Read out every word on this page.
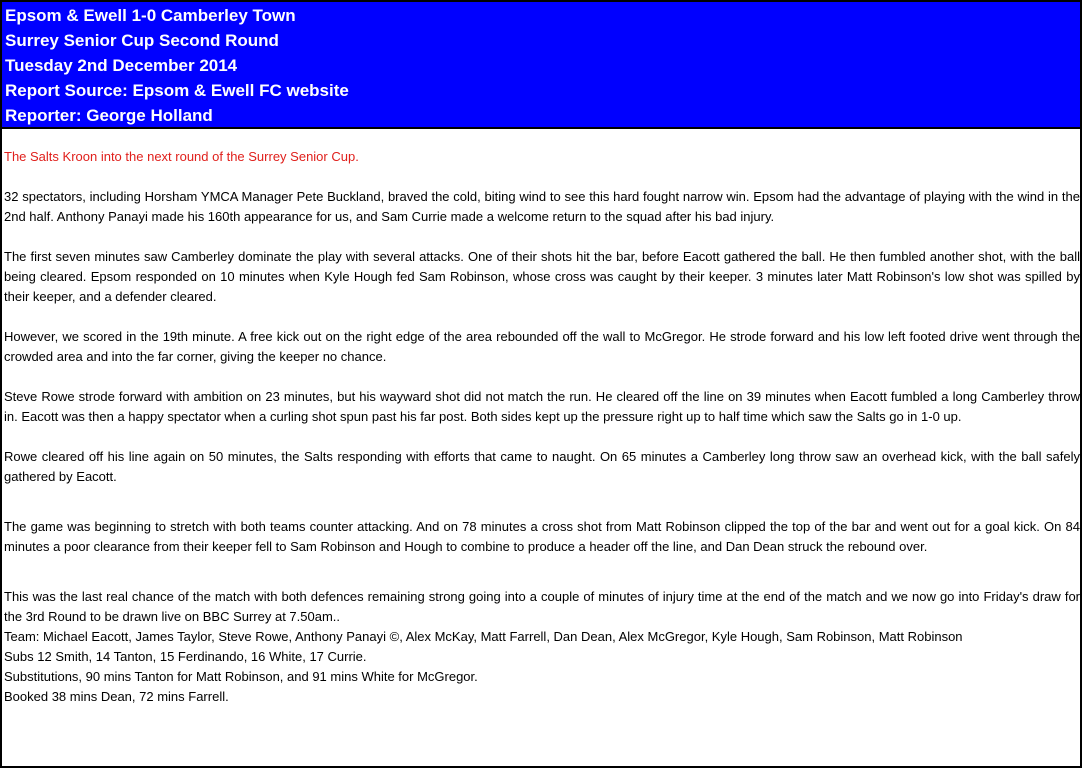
Epsom & Ewell 1-0 Camberley Town
Surrey Senior Cup Second Round
Tuesday 2nd December 2014
Report Source: Epsom & Ewell FC website
Reporter: George Holland

The Salts Kroon into the next round of the Surrey Senior Cup.

32 spectators, including Horsham YMCA Manager Pete Buckland, braved the cold, biting wind to see this hard fought narrow win. Epsom had the advantage of playing with the wind in the 2nd half. Anthony Panayi made his 160th appearance for us, and Sam Currie made a welcome return to the squad after his bad injury.

The first seven minutes saw Camberley dominate the play with several attacks. One of their shots hit the bar, before Eacott gathered the ball. He then fumbled another shot, with the ball being cleared. Epsom responded on 10 minutes when Kyle Hough fed Sam Robinson, whose cross was caught by their keeper. 3 minutes later Matt Robinson's low shot was spilled by their keeper, and a defender cleared.

However, we scored in the 19th minute. A free kick out on the right edge of the area rebounded off the wall to McGregor. He strode forward and his low left footed drive went through the crowded area and into the far corner, giving the keeper no chance.

Steve Rowe strode forward with ambition on 23 minutes, but his wayward shot did not match the run. He cleared off the line on 39 minutes when Eacott fumbled a long Camberley throw in. Eacott was then a happy spectator when a curling shot spun past his far post. Both sides kept up the pressure right up to half time which saw the Salts go in 1-0 up.

Rowe cleared off his line again on 50 minutes, the Salts responding with efforts that came to naught. On 65 minutes a Camberley long throw saw an overhead kick, with the ball safely gathered by Eacott.

The game was beginning to stretch with both teams counter attacking. And on 78 minutes a cross shot from Matt Robinson clipped the top of the bar and went out for a goal kick. On 84 minutes a poor clearance from their keeper fell to Sam Robinson and Hough to combine to produce a header off the line, and Dan Dean struck the rebound over.

This was the last real chance of the match with both defences remaining strong going into a couple of minutes of injury time at the end of the match and we now go into Friday's draw for the 3rd Round to be drawn live on BBC Surrey at 7.50am..

Team: Michael Eacott, James Taylor, Steve Rowe, Anthony Panayi ©, Alex McKay, Matt Farrell, Dan Dean, Alex McGregor, Kyle Hough, Sam Robinson, Matt Robinson

Subs 12 Smith, 14 Tanton, 15 Ferdinando, 16 White, 17 Currie.

Substitutions, 90 mins Tanton for Matt Robinson, and 91 mins White for McGregor.

Booked 38 mins Dean, 72 mins Farrell.
